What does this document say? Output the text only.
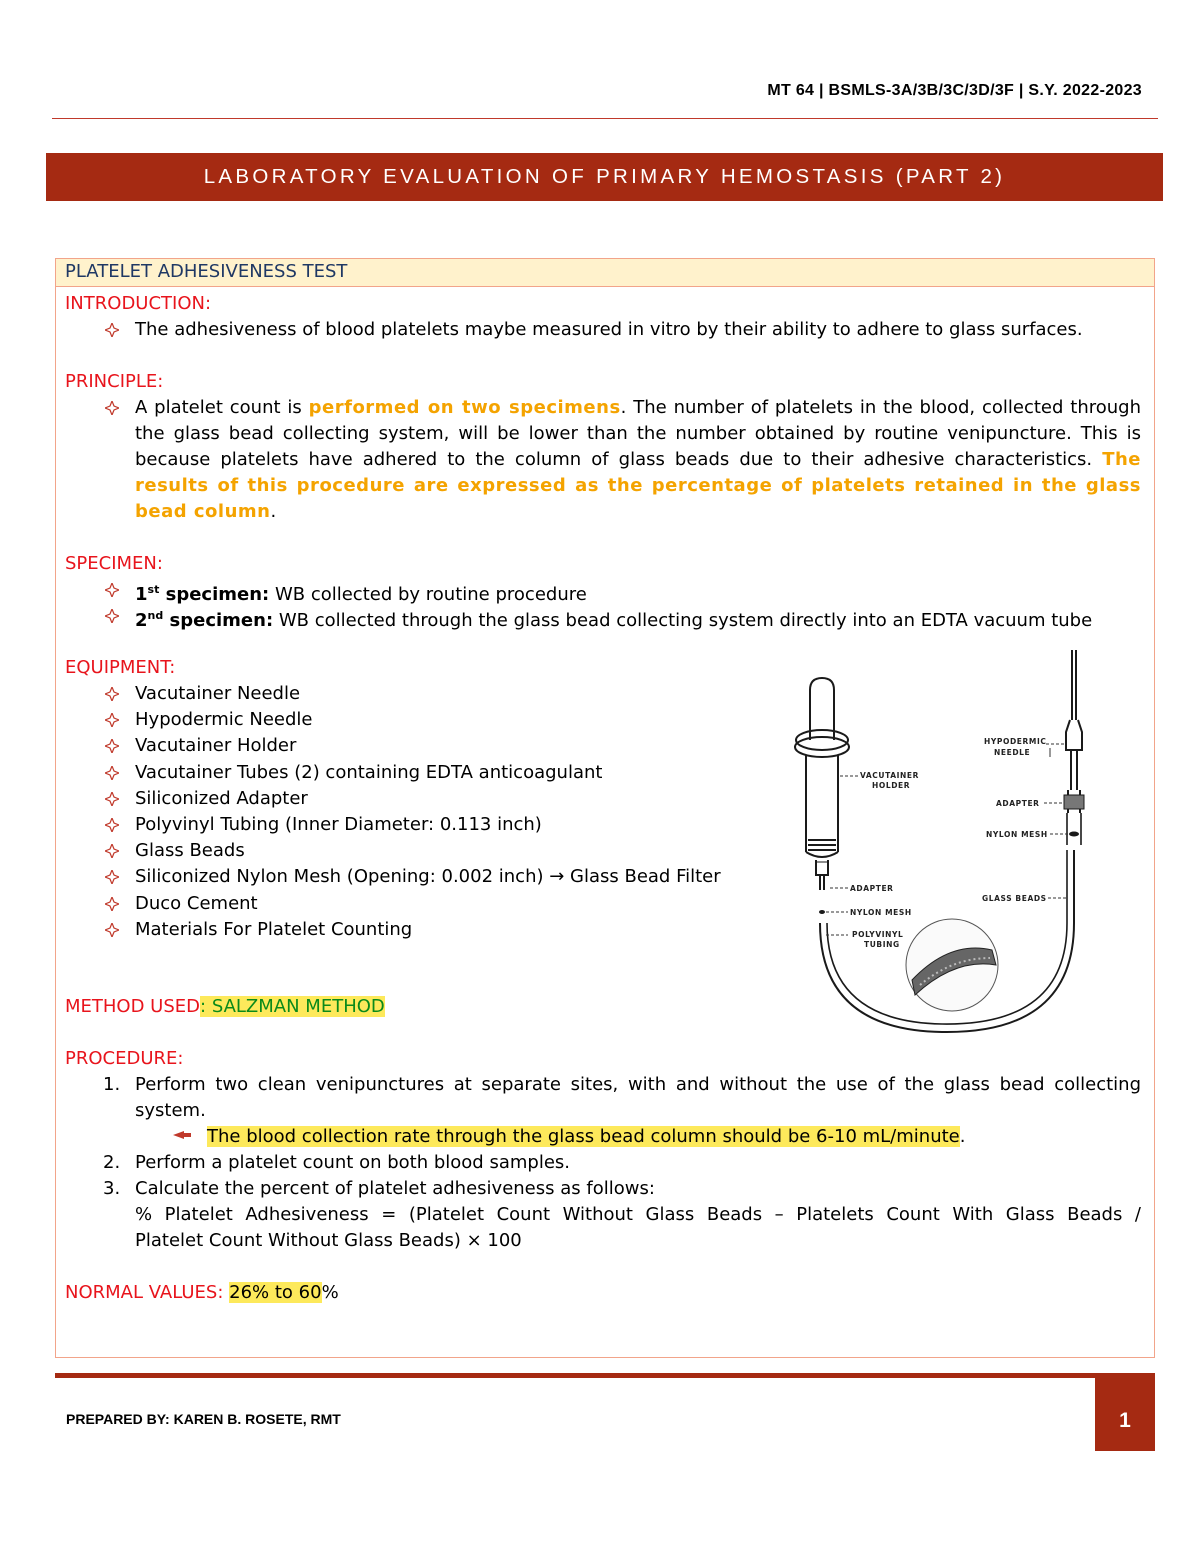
MT 64 | BSMLS-3A/3B/3C/3D/3F | S.Y. 2022-2023
LABORATORY EVALUATION OF PRIMARY HEMOSTASIS (PART 2)
PLATELET ADHESIVENESS TEST
INTRODUCTION:
The adhesiveness of blood platelets maybe measured in vitro by their ability to adhere to glass surfaces.
PRINCIPLE:
A platelet count is performed on two specimens. The number of platelets in the blood, collected through
the glass bead collecting system, will be lower than the number obtained by routine venipuncture. This is
because platelets have adhered to the column of glass beads due to their adhesive characteristics. The
results of this procedure are expressed as the percentage of platelets retained in the glass
bead column.
SPECIMEN:
1st specimen: WB collected by routine procedure
2nd specimen: WB collected through the glass bead collecting system directly into an EDTA vacuum tube
EQUIPMENT:
Vacutainer Needle
Hypodermic Needle
Vacutainer Holder
Vacutainer Tubes (2) containing EDTA anticoagulant
Siliconized Adapter
Polyvinyl Tubing (Inner Diameter: 0.113 inch)
Glass Beads
Siliconized Nylon Mesh (Opening: 0.002 inch) → Glass Bead Filter
Duco Cement
Materials For Platelet Counting
VACUTAINER
HOLDER
HYPODERMIC
NEEDLE
ADAPTER
NYLON MESH
GLASS BEADS
ADAPTER
NYLON MESH
POLYVINYL
TUBING
METHOD USED: SALZMAN METHOD
PROCEDURE:
1. Perform two clean venipunctures at separate sites, with and without the use of the glass bead collecting
system.
The blood collection rate through the glass bead column should be 6-10 mL/minute.
2. Perform a platelet count on both blood samples.
3. Calculate the percent of platelet adhesiveness as follows:
% Platelet Adhesiveness = (Platelet Count Without Glass Beads – Platelets Count With Glass Beads /
Platelet Count Without Glass Beads) × 100
NORMAL VALUES: 26% to 60%
1
PREPARED BY: KAREN B. ROSETE, RMT
